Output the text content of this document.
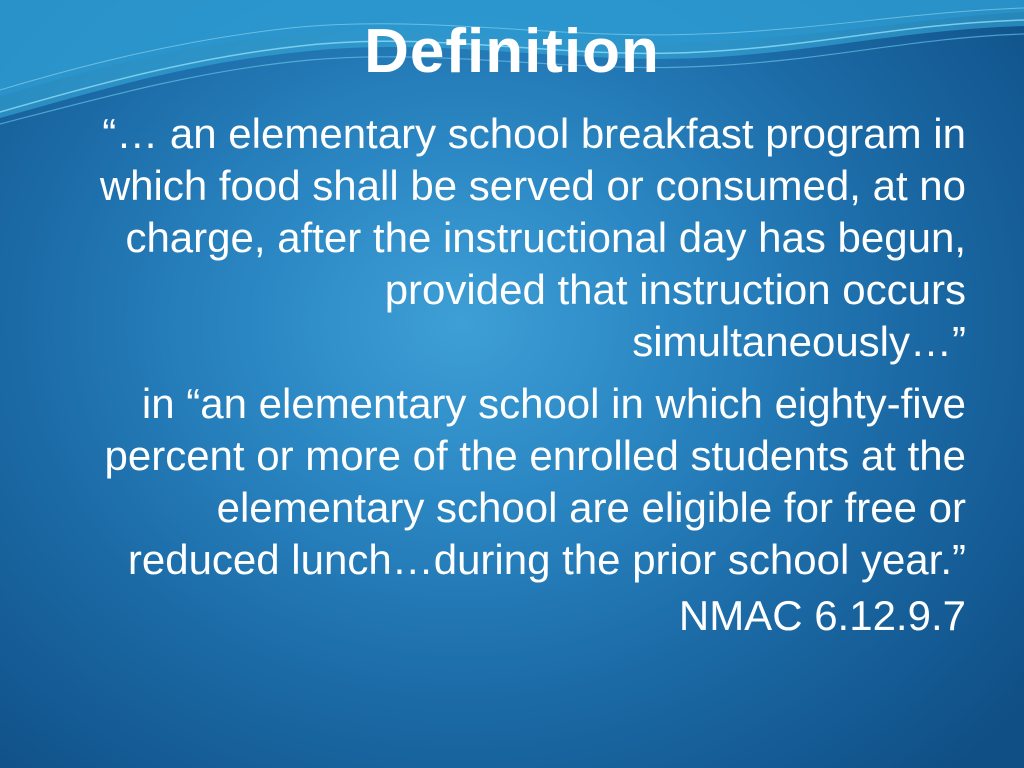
Definition

“… an elementary school breakfast program in which food shall be served or consumed, at no charge, after the instructional day has begun, provided that instruction occurs simultaneously…”

in “an elementary school in which eighty-five percent or more of the enrolled students at the elementary school are eligible for free or reduced lunch…during the prior school year.”

NMAC 6.12.9.7
